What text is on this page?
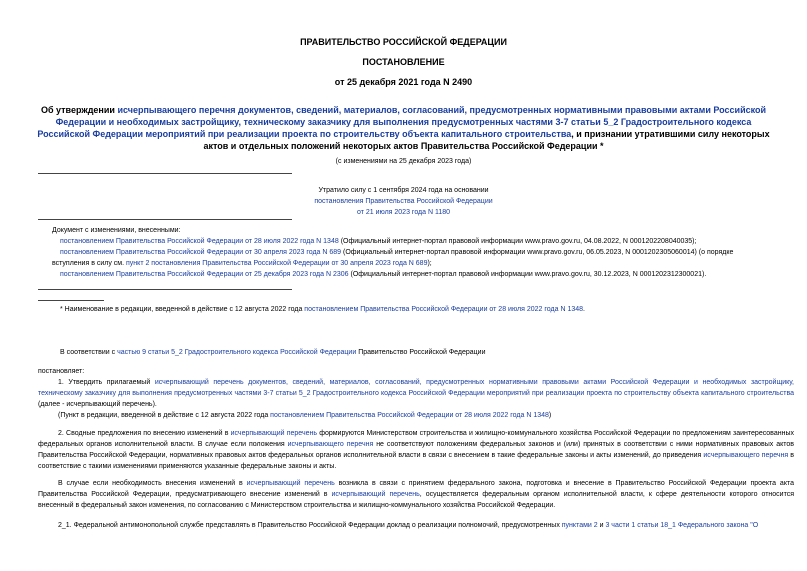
ПРАВИТЕЛЬСТВО РОССИЙСКОЙ ФЕДЕРАЦИИ
ПОСТАНОВЛЕНИЕ
от 25 декабря 2021 года N 2490
Об утверждении исчерпывающего перечня документов, сведений, материалов, согласований, предусмотренных нормативными правовыми актами Российской Федерации и необходимых застройщику, техническому заказчику для выполнения предусмотренных частями 3-7 статьи 5_2 Градостроительного кодекса Российской Федерации мероприятий при реализации проекта по строительству объекта капитального строительства, и признании утратившими силу некоторых актов и отдельных положений некоторых актов Правительства Российской Федерации *
(с изменениями на 25 декабря 2023 года)
Утратило силу с 1 сентября 2024 года на основании
постановления Правительства Российской Федерации
от 21 июля 2023 года N 1180
Документ с изменениями, внесенными:
постановлением Правительства Российской Федерации от 28 июля 2022 года N 1348 (Официальный интернет-портал правовой информации www.pravo.gov.ru, 04.08.2022, N 0001202208040035);
постановлением Правительства Российской Федерации от 30 апреля 2023 года N 689 (Официальный интернет-портал правовой информации www.pravo.gov.ru, 06.05.2023, N 0001202305060014) (о порядке
вступления в силу см. пункт 2 постановления Правительства Российской Федерации от 30 апреля 2023 года N 689);
постановлением Правительства Российской Федерации от 25 декабря 2023 года N 2306 (Официальный интернет-портал правовой информации www.pravo.gov.ru, 30.12.2023, N 0001202312300021).
* Наименование в редакции, введенной в действие с 12 августа 2022 года постановлением Правительства Российской Федерации от 28 июля 2022 года N 1348.
В соответствии с частью 9 статьи 5_2 Градостроительного кодекса Российской Федерации Правительство Российской Федерации
постановляет:
1. Утвердить прилагаемый исчерпывающий перечень документов, сведений, материалов, согласований, предусмотренных нормативными правовыми актами Российской Федерации и необходимых застройщику, техническому заказчику для выполнения предусмотренных частями 3-7 статьи 5_2 Градостроительного кодекса Российской Федерации мероприятий при реализации проекта по строительству объекта капитального строительства (далее - исчерпывающий перечень).
(Пункт в редакции, введенной в действие с 12 августа 2022 года постановлением Правительства Российской Федерации от 28 июля 2022 года N 1348)
2. Сводные предложения по внесению изменений в исчерпывающий перечень формируются Министерством строительства и жилищно-коммунального хозяйства Российской Федерации по предложениям заинтересованных федеральных органов исполнительной власти. В случае если положения исчерпывающего перечня не соответствуют положениям федеральных законов и (или) принятых в соответствии с ними нормативных правовых актов Правительства Российской Федерации, нормативных правовых актов федеральных органов исполнительной власти в связи с внесением в такие федеральные законы и акты изменений, до приведения исчерпывающего перечня в соответствие с такими изменениями применяются указанные федеральные законы и акты.
В случае если необходимость внесения изменений в исчерпывающий перечень возникла в связи с принятием федерального закона, подготовка и внесение в Правительство Российской Федерации проекта акта Правительства Российской Федерации, предусматривающего внесение изменений в исчерпывающий перечень, осуществляется федеральным органом исполнительной власти, к сфере деятельности которого относится внесенный в федеральный закон изменения, по согласованию с Министерством строительства и жилищно-коммунального хозяйства Российской Федерации.
2_1. Федеральной антимонопольной службе представлять в Правительство Российской Федерации доклад о реализации полномочий, предусмотренных пунктами 2 и 3 части 1 статьи 18_1 Федерального закона "О
